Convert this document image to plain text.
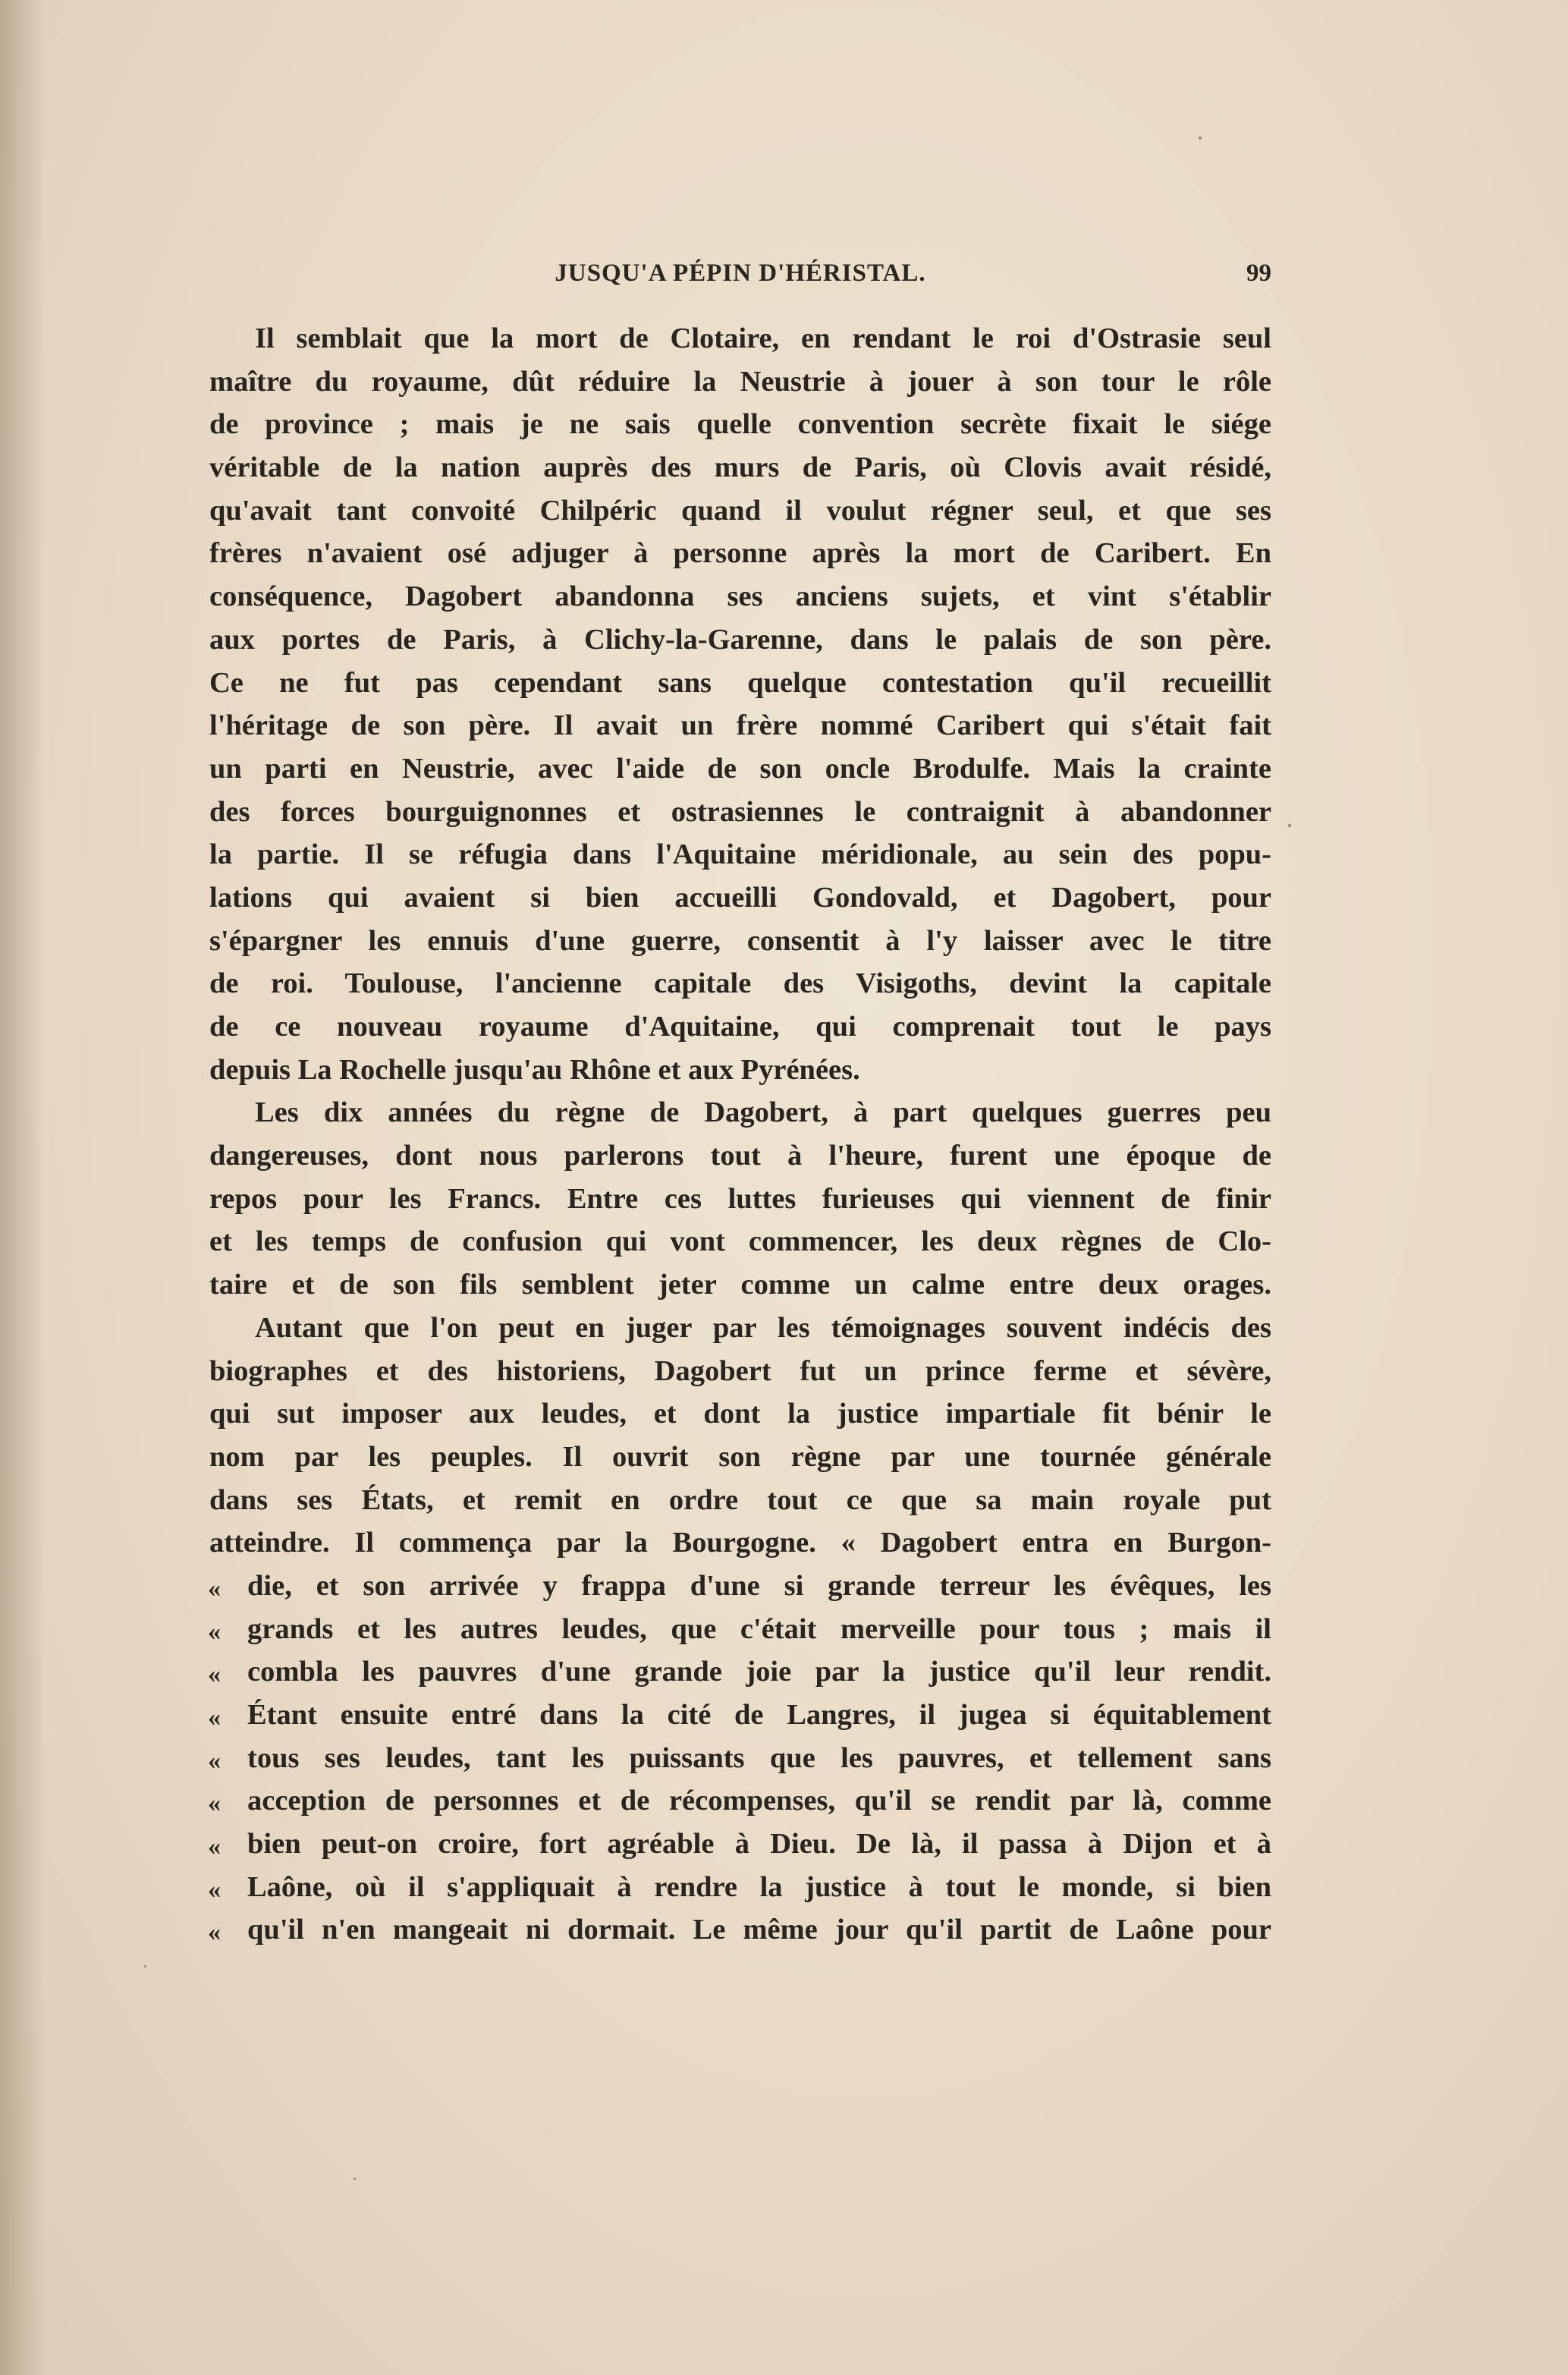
JUSQU'A PÉPIN D'HÉRISTAL.	99
Il semblait que la mort de Clotaire, en rendant le roi d'Ostrasie seul
maître du royaume, dût réduire la Neustrie à jouer à son tour le rôle
de province ; mais je ne sais quelle convention secrète fixait le siége
véritable de la nation auprès des murs de Paris, où Clovis avait résidé,
qu'avait tant convoité Chilpéric quand il voulut régner seul, et que ses
frères n'avaient osé adjuger à personne après la mort de Caribert. En
conséquence, Dagobert abandonna ses anciens sujets, et vint s'établir
aux portes de Paris, à Clichy-la-Garenne, dans le palais de son père.
Ce ne fut pas cependant sans quelque contestation qu'il recueillit
l'héritage de son père. Il avait un frère nommé Caribert qui s'était fait
un parti en Neustrie, avec l'aide de son oncle Brodulfe. Mais la crainte
des forces bourguignonnes et ostrasiennes le contraignit à abandonner
la partie. Il se réfugia dans l'Aquitaine méridionale, au sein des popu-
lations qui avaient si bien accueilli Gondovald, et Dagobert, pour
s'épargner les ennuis d'une guerre, consentit à l'y laisser avec le titre
de roi. Toulouse, l'ancienne capitale des Visigoths, devint la capitale
de ce nouveau royaume d'Aquitaine, qui comprenait tout le pays
depuis La Rochelle jusqu'au Rhône et aux Pyrénées.
Les dix années du règne de Dagobert, à part quelques guerres peu
dangereuses, dont nous parlerons tout à l'heure, furent une époque de
repos pour les Francs. Entre ces luttes furieuses qui viennent de finir
et les temps de confusion qui vont commencer, les deux règnes de Clo-
taire et de son fils semblent jeter comme un calme entre deux orages.
Autant que l'on peut en juger par les témoignages souvent indécis des
biographes et des historiens, Dagobert fut un prince ferme et sévère,
qui sut imposer aux leudes, et dont la justice impartiale fit bénir le
nom par les peuples. Il ouvrit son règne par une tournée générale
dans ses États, et remit en ordre tout ce que sa main royale put
atteindre. Il commença par la Bourgogne. « Dagobert entra en Burgon-
« die, et son arrivée y frappa d'une si grande terreur les évêques, les
« grands et les autres leudes, que c'était merveille pour tous ; mais il
« combla les pauvres d'une grande joie par la justice qu'il leur rendit.
« Étant ensuite entré dans la cité de Langres, il jugea si équitablement
« tous ses leudes, tant les puissants que les pauvres, et tellement sans
« acception de personnes et de récompenses, qu'il se rendit par là, comme
« bien peut-on croire, fort agréable à Dieu. De là, il passa à Dijon et à
« Laône, où il s'appliquait à rendre la justice à tout le monde, si bien
« qu'il n'en mangeait ni dormait. Le même jour qu'il partit de Laône pour
